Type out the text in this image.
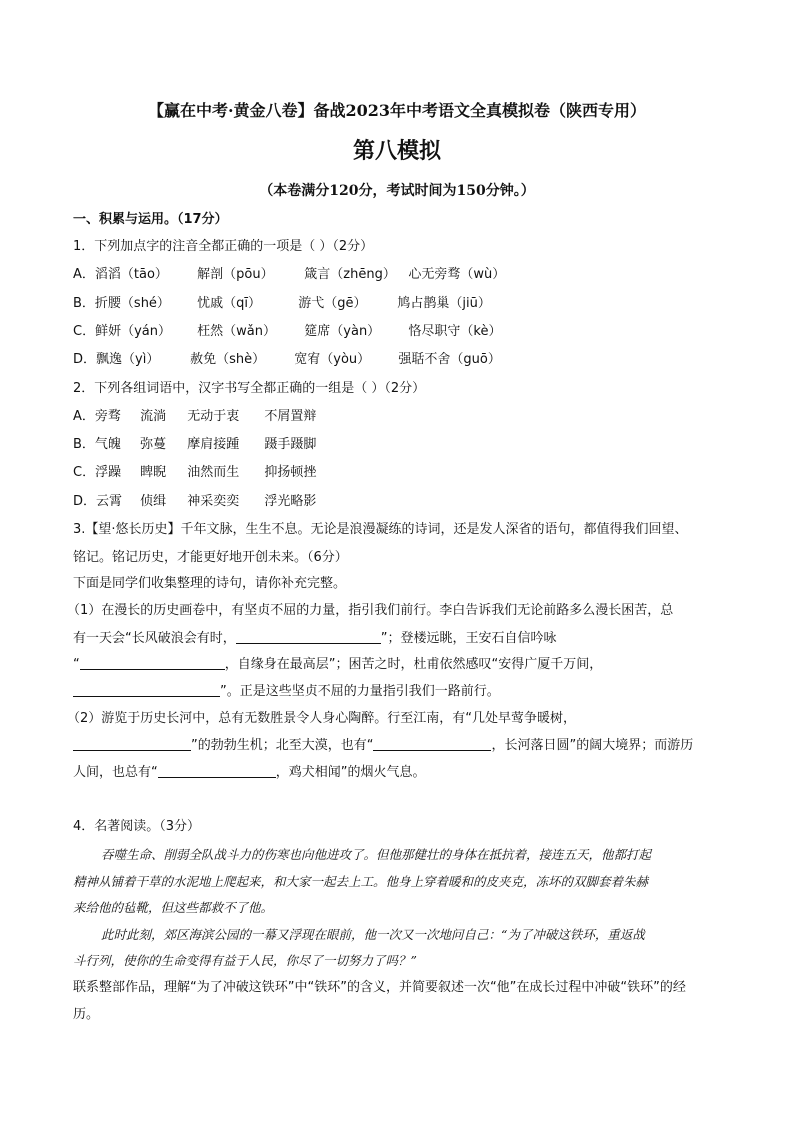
【赢在中考·黄金八卷】备战2023年中考语文全真模拟卷（陕西专用）
第八模拟
（本卷满分120分，考试时间为150分钟。）
一、积累与运用。（17分）
1．下列加点字的注音全都正确的一项是（ ）（2分）
A．滔滔（tāo） 解剖（pōu） 箴言（zhēng） 心无旁骛（wù）
B．折腰（shé） 忧戚（qī）	游弋（gē） 鸠占鹊巢（jiū）
C．鲜妍（yán） 枉然（wǎn） 筵席（yàn） 恪尽职守（kè）
D．飘逸（yì） 赦免（shè） 宽宥（yòu） 强聒不舍（guō）
2．下列各组词语中，汉字书写全都正确的一组是（ ）（2分）
A．旁骛 流淌 无动于衷 不屑置辩
B．气魄 弥蔓 摩肩接踵 蹑手蹑脚
C．浮躁 睥睨 油然而生 抑扬顿挫
D．云霄 侦缉 神采奕奕 浮光略影
3.【望·悠长历史】千年文脉，生生不息。无论是浪漫凝练的诗词，还是发人深省的语句，都值得我们回望、
铭记。铭记历史，才能更好地开创未来。（6分）
下面是同学们收集整理的诗句，请你补充完整。
（1）在漫长的历史画卷中，有坚贞不屈的力量，指引我们前行。李白告诉我们无论前路多么漫长困苦，总
有一天会“长风破浪会有时，	”；登楼远眺，王安石自信吟咏
“	，自缘身在最高层”；困苦之时，杜甫依然感叹“安得广厦千万间，
”。正是这些坚贞不屈的力量指引我们一路前行。
（2）游览于历史长河中，总有无数胜景令人身心陶醉。行至江南，有“几处早莺争暖树，
”的勃勃生机；北至大漠，也有“	，长河落日圆”的阔大境界；而游历
人间，也总有“	，鸡犬相闻”的烟火气息。
4．名著阅读。（3分）
吞噬生命、削弱全队战斗力的伤寒也向他进攻了。但他那健壮的身体在抵抗着，接连五天，他都打起
精神从铺着干草的水泥地上爬起来，和大家一起去上工。他身上穿着暖和的皮夹克，冻坏的双脚套着朱赫
来给他的毡靴，但这些都救不了他。
此时此刻，郊区海滨公园的一幕又浮现在眼前，他一次又一次地问自己：“为了冲破这铁环，重返战
斗行列，使你的生命变得有益于人民，你尽了一切努力了吗？”
联系整部作品，理解“为了冲破这铁环”中“铁环”的含义，并简要叙述一次“他”在成长过程中冲破“铁环”的经
历。
